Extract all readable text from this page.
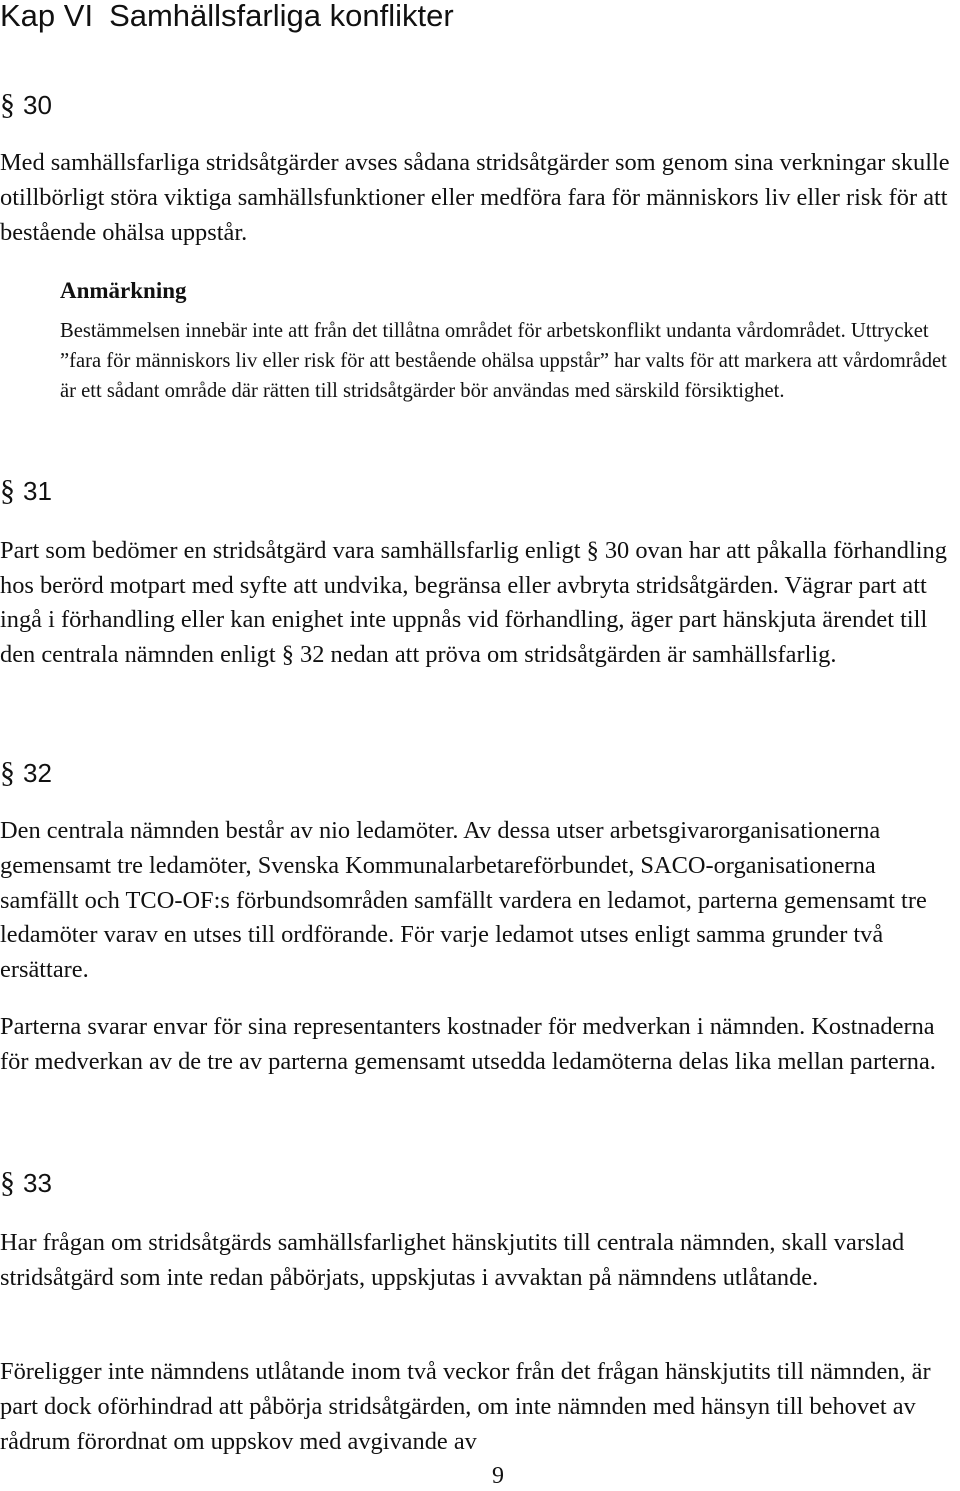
Kap VI Samhällsfarliga konflikter
§ 30
Med samhällsfarliga stridsåtgärder avses sådana stridsåtgärder som genom sina verkningar skulle otillbörligt störa viktiga samhällsfunktioner eller medföra fara för människors liv eller risk för att bestående ohälsa uppstår.
Anmärkning
Bestämmelsen innebär inte att från det tillåtna området för arbetskonflikt undanta vårdområdet. Uttrycket ”fara för människors liv eller risk för att bestående ohälsa uppstår” har valts för att markera att vårdområdet är ett sådant område där rätten till stridsåtgärder bör användas med särskild försiktighet.
§ 31
Part som bedömer en stridsåtgärd vara samhällsfarlig enligt § 30 ovan har att påkalla förhandling hos berörd motpart med syfte att undvika, begränsa eller avbryta stridsåtgärden. Vägrar part att ingå i förhandling eller kan enighet inte uppnås vid förhandling, äger part hänskjuta ärendet till den centrala nämnden enligt § 32 nedan att pröva om stridsåtgärden är samhällsfarlig.
§ 32
Den centrala nämnden består av nio ledamöter. Av dessa utser arbetsgivarorganisationerna gemensamt tre ledamöter, Svenska Kommunalarbetareförbundet, SACO-organisationerna samfällt och TCO-OF:s förbundsområden samfällt vardera en ledamot, parterna gemensamt tre ledamöter varav en utses till ordförande. För varje ledamot utses enligt samma grunder två ersättare.
Parterna svarar envar för sina representanters kostnader för medverkan i nämnden. Kostnaderna för medverkan av de tre av parterna gemensamt utsedda ledamöterna delas lika mellan parterna.
§ 33
Har frågan om stridsåtgärds samhällsfarlighet hänskjutits till centrala nämnden, skall varslad stridsåtgärd som inte redan påbörjats, uppskjutas i avvaktan på nämndens utlåtande.
Föreligger inte nämndens utlåtande inom två veckor från det frågan hänskjutits till nämnden, är part dock oförhindrad att påbörja stridsåtgärden, om inte nämnden med hänsyn till behovet av rådrum förordnat om uppskov med avgivande av
9
